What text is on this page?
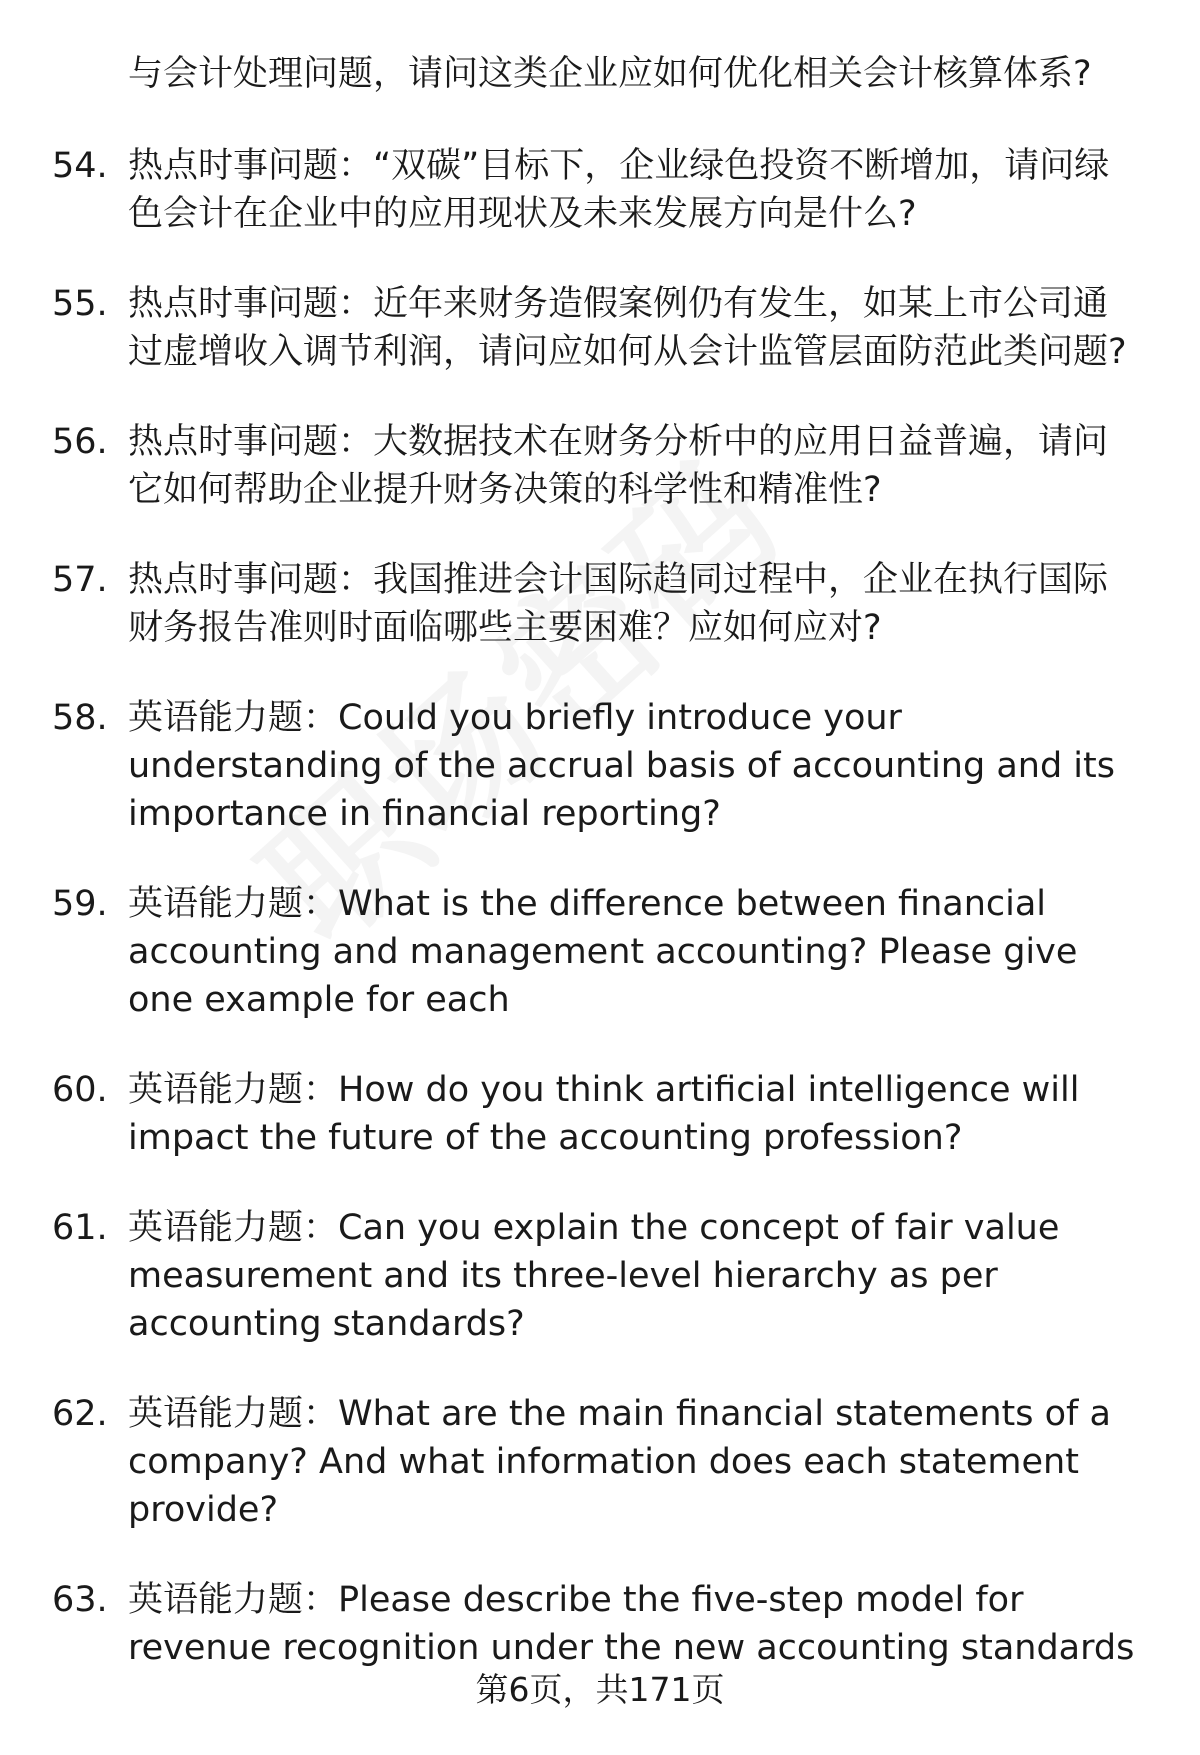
与会计处理问题，请问这类企业应如何优化相关会计核算体系?
54. 热点时事问题：“双碳”目标下，企业绿色投资不断增加，请问绿色会计在企业中的应用现状及未来发展方向是什么?
55. 热点时事问题：近年来财务造假案例仍有发生，如某上市公司通过虚增收入调节利润，请问应如何从会计监管层面防范此类问题?
56. 热点时事问题：大数据技术在财务分析中的应用日益普遍，请问它如何帮助企业提升财务决策的科学性和精准性?
57. 热点时事问题：我国推进会计国际趋同过程中，企业在执行国际财务报告准则时面临哪些主要困难？应如何应对?
58. 英语能力题：Could you briefly introduce your understanding of the accrual basis of accounting and its importance in financial reporting?
59. 英语能力题：What is the difference between financial accounting and management accounting? Please give one example for each
60. 英语能力题：How do you think artificial intelligence will impact the future of the accounting profession?
61. 英语能力题：Can you explain the concept of fair value measurement and its three-level hierarchy as per accounting standards?
62. 英语能力题：What are the main financial statements of a company? And what information does each statement provide?
63. 英语能力题：Please describe the five-step model for revenue recognition under the new accounting standards
第6页，共171页
